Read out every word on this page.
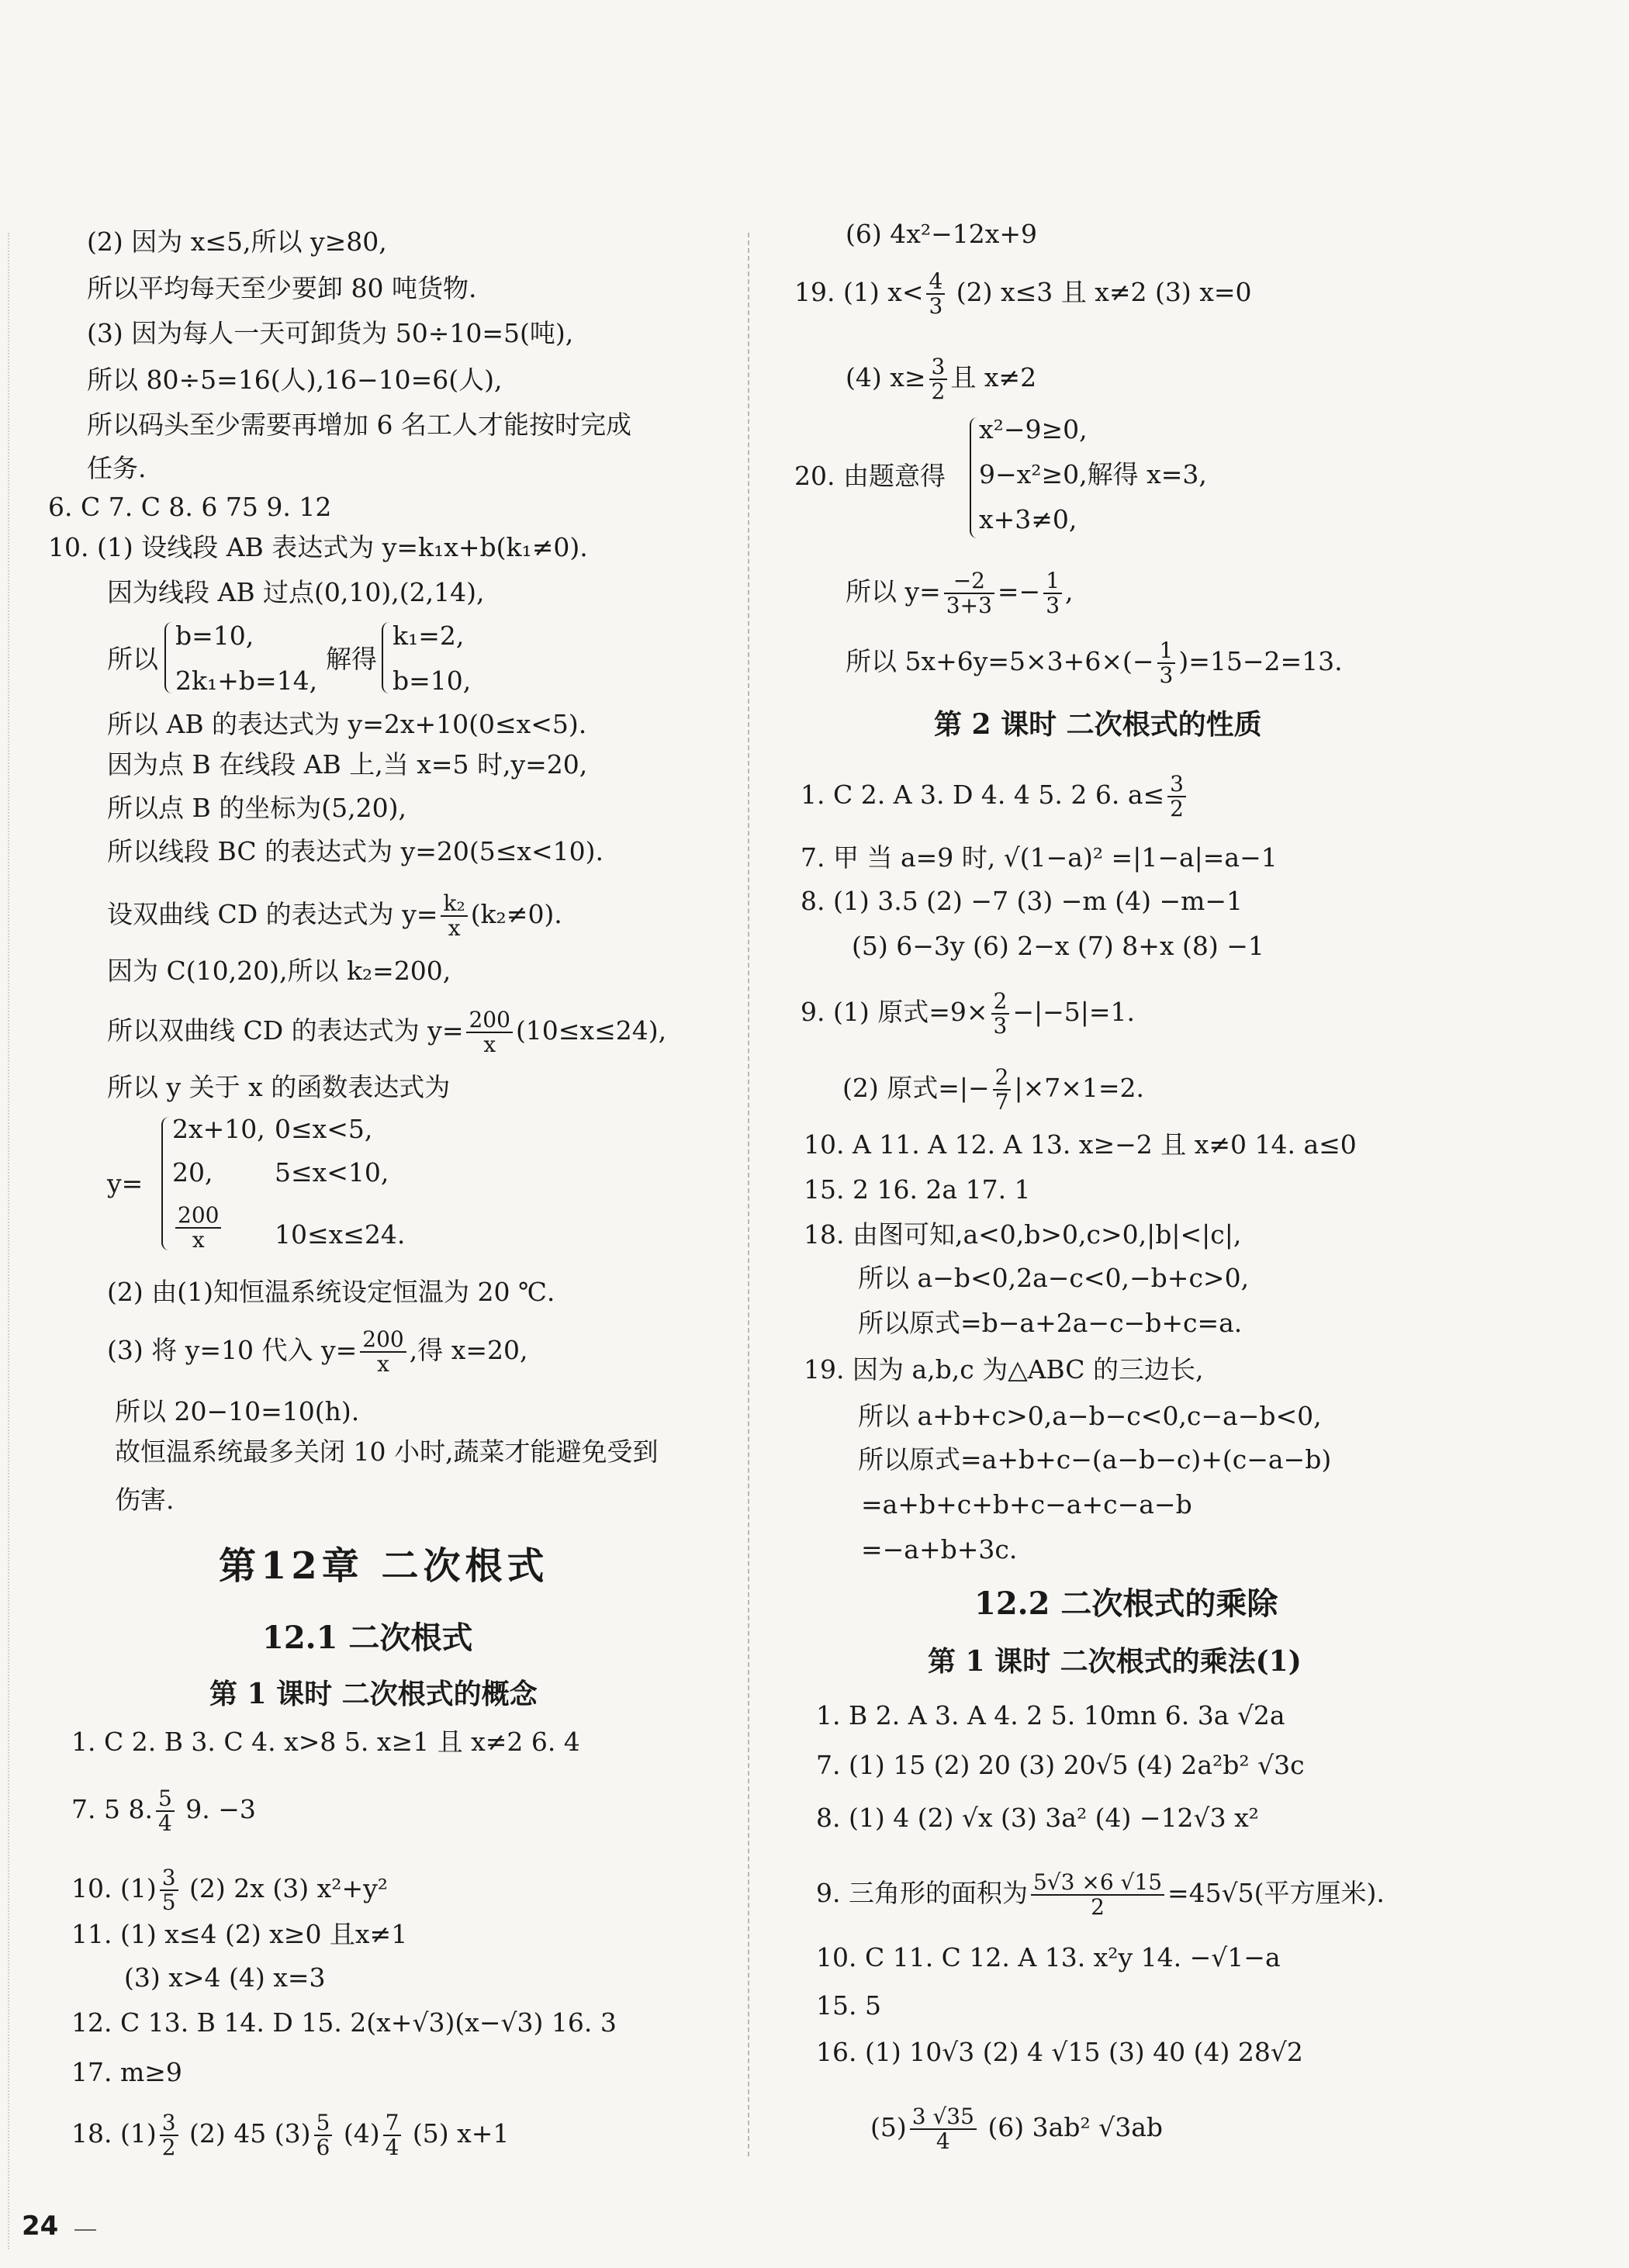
(2) 因为 x≤5,所以 y≥80,
所以平均每天至少要卸 80 吨货物.
(3) 因为每人一天可卸货为 50÷10=5(吨),
所以 80÷5=16(人),16−10=6(人),
所以码头至少需要再增加 6 名工人才能按时完成
任务.
6. C 7. C 8. 6 75 9. 12
10. (1) 设线段 AB 表达式为 y=k₁x+b(k₁≠0).
因为线段 AB 过点(0,10),(2,14),
所以
b=10,
2k₁+b=14,
解得
k₁=2,
b=10,
所以 AB 的表达式为 y=2x+10(0≤x<5).
因为点 B 在线段 AB 上,当 x=5 时,y=20,
所以点 B 的坐标为(5,20),
所以线段 BC 的表达式为 y=20(5≤x<10).
设双曲线 CD 的表达式为 $y= \frac{\text{k₂}}{x} (k_2\ne 0)$.
因为 C(10,20),所以 k₂=200,
所以双曲线 CD 的表达式为 $y= \frac{200}{x} (10\le x\le 24)$,
所以 y 关于 x 的函数表达式为
y=
2x+10, 0≤x<5,
20, 5≤x<10,
$\frac{200}{x} 10\le x\le 24$.
(2) 由(1)知恒温系统设定恒温为 20 ℃.
(3) 将 y=10 代入 $y= \frac{200}{x}$ ,得 x=20,
所以 20−10=10(h).
故恒温系统最多关闭 10 小时,蔬菜才能避免受到
伤害.
第12章 二次根式
12.1 二次根式
第 1 课时 二次根式的概念
1. C 2. B 3. C 4. x>8 5. x≥1 且 x≠2 6. 4
7. 5 8. $\frac{5}{4} 9$. −3
10. $(1) \frac{3}{5} (2)$ 2x (3) x²+y²
11. (1) x≤4 (2) x≥0 且x≠1
(3) x>4 (4) x=3
12. C 13. B 14. D 15. 2(x+√3)(x−√3) 16. 3
17. m≥9
18. $(1) \frac{3}{2} (2)$ 45 $(3) \frac{5}{6} (4) \frac{7}{4} (5)$ x+1
(6) 4x²−12x+9
19. (1) $x< \frac{4}{3} (2)$ x≤3 且 x≠2 (3) x=0
(4) $x\ge \frac{3}{2}$ 且 x≠2
20. 由题意得
x²−9≥0,
9−x²≥0,解得 x=3,
x+3≠0,
所以 $y= \frac{-2}{3+3} =- \frac{1}{3}$ ,
所以 $5x+6y=5\times 3+6\times(- \frac{1}{3} )=15-2=13$.
第 2 课时 二次根式的性质
1. C 2. A 3. D 4. 4 5. 2 6. $a\le \frac{3}{2}$
7. 甲 当 a=9 时, √(1−a)² =|1−a|=a−1
8. (1) 3.5 (2) −7 (3) −m (4) −m−1
(5) 6−3y (6) 2−x (7) 8+x (8) −1
9. (1) 原式$=9\times \frac{2}{3} -|-5|=1$.
(2) 原式=|− $\frac{2}{7} |\times 7\times 1=2$.
10. A 11. A 12. A 13. x≥−2 且 x≠0 14. a≤0
15. 2 16. 2a 17. 1
18. 由图可知,a<0,b>0,c>0,|b|<|c|,
所以 a−b<0,2a−c<0,−b+c>0,
所以原式=b−a+2a−c−b+c=a.
19. 因为 a,b,c 为△ABC 的三边长,
所以 a+b+c>0,a−b−c<0,c−a−b<0,
所以原式=a+b+c−(a−b−c)+(c−a−b)
=a+b+c+b+c−a+c−a−b
=−a+b+3c.
12.2 二次根式的乘除
第 1 课时 二次根式的乘法(1)
1. B 2. A 3. A 4. 2 5. 10mn 6. 3a √2a
7. (1) 15 (2) 20 (3) 20√5 (4) 2a²b² √3c
8. (1) 4 (2) √x (3) 3a² (4) −12√3 x²
9. 三角形的面积为 $\frac{5√3 \times 6 √15}{2} =45√5$(平方厘米).
10. C 11. C 12. A 13. x²y 14. −√1−a
15. 5
16. (1) 10√3 (2) 4 √15 (3) 40 (4) 28√2
$(5) \frac{3 √35}{4} (6)$ 3ab² √3ab
24
